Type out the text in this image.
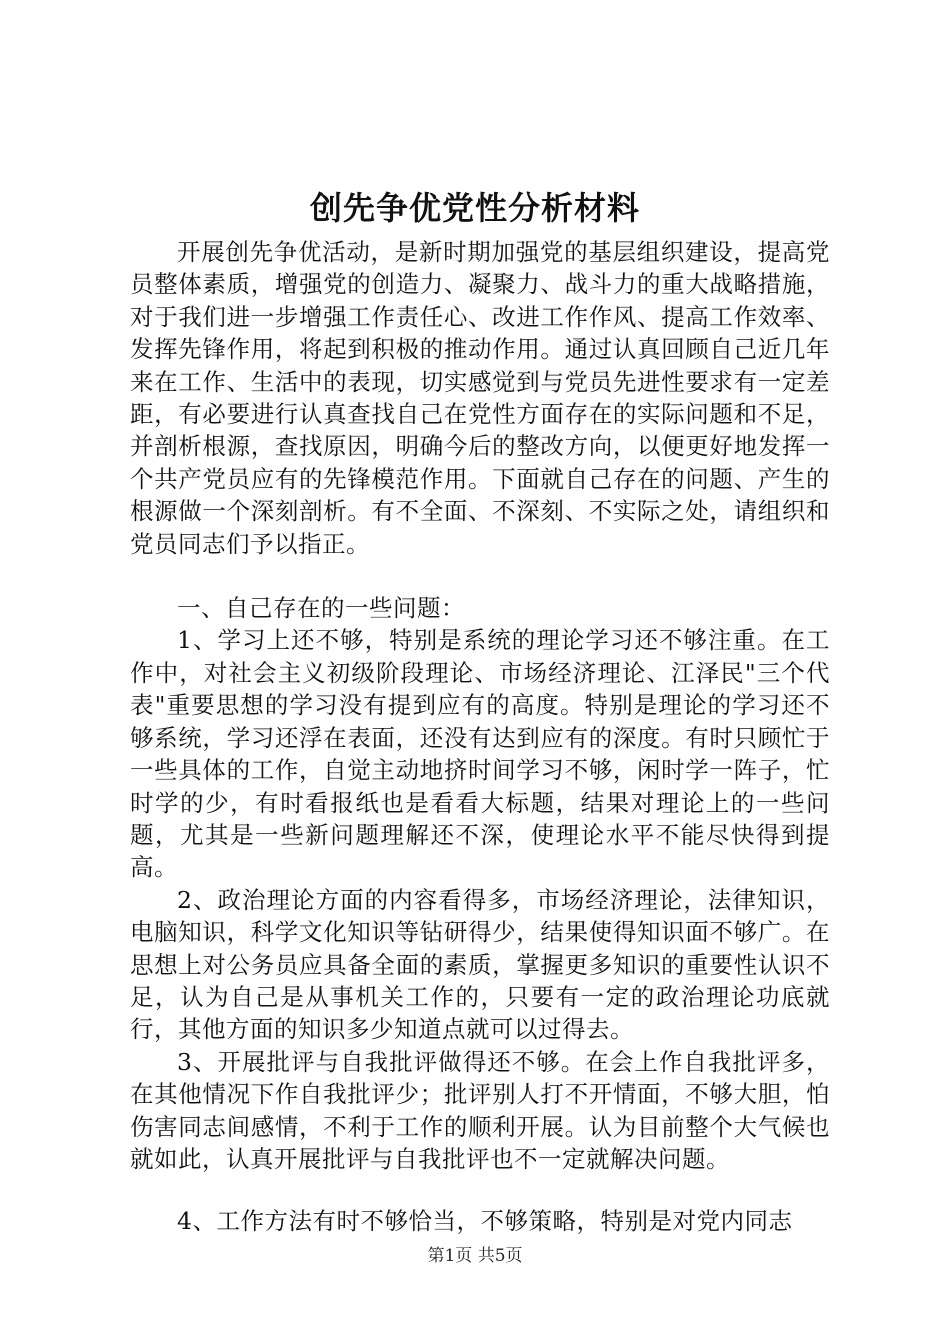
创先争优党性分析材料

开展创先争优活动，是新时期加强党的基层组织建设，提高党员整体素质，增强党的创造力、凝聚力、战斗力的重大战略措施，对于我们进一步增强工作责任心、改进工作作风、提高工作效率、发挥先锋作用，将起到积极的推动作用。通过认真回顾自己近几年来在工作、生活中的表现，切实感觉到与党员先进性要求有一定差距，有必要进行认真查找自己在党性方面存在的实际问题和不足，并剖析根源，查找原因，明确今后的整改方向，以便更好地发挥一个共产党员应有的先锋模范作用。下面就自己存在的问题、产生的根源做一个深刻剖析。有不全面、不深刻、不实际之处，请组织和党员同志们予以指正。

一、自己存在的一些问题：

1、学习上还不够，特别是系统的理论学习还不够注重。在工作中，对社会主义初级阶段理论、市场经济理论、江泽民"三个代表"重要思想的学习没有提到应有的高度。特别是理论的学习还不够系统，学习还浮在表面，还没有达到应有的深度。有时只顾忙于一些具体的工作，自觉主动地挤时间学习不够，闲时学一阵子，忙时学的少，有时看报纸也是看看大标题，结果对理论上的一些问题，尤其是一些新问题理解还不深，使理论水平不能尽快得到提高。

2、政治理论方面的内容看得多，市场经济理论，法律知识，电脑知识，科学文化知识等钻研得少，结果使得知识面不够广。在思想上对公务员应具备全面的素质，掌握更多知识的重要性认识不足，认为自己是从事机关工作的，只要有一定的政治理论功底就行，其他方面的知识多少知道点就可以过得去。

3、开展批评与自我批评做得还不够。在会上作自我批评多，在其他情况下作自我批评少；批评别人打不开情面，不够大胆，怕伤害同志间感情，不利于工作的顺利开展。认为目前整个大气候也就如此，认真开展批评与自我批评也不一定就解决问题。

4、工作方法有时不够恰当，不够策略，特别是对党内同志

第1页 共5页
